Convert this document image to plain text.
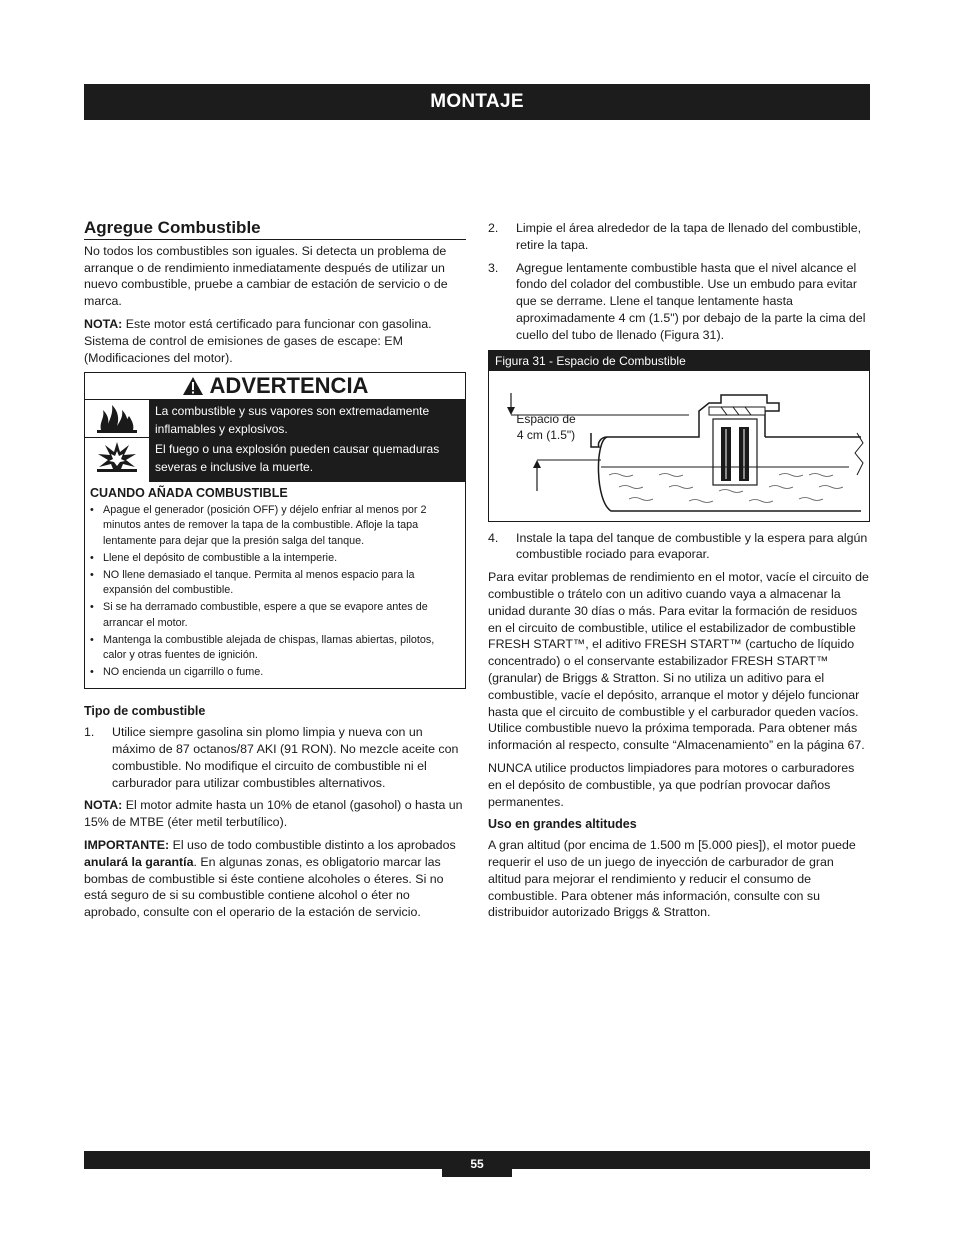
MONTAJE
Agregue Combustible

No todos los combustibles son iguales. Si detecta un problema de arranque o de rendimiento inmediatamente después de utilizar un nuevo combustible, pruebe a cambiar de estación de servicio o de marca.

NOTA: Este motor está certificado para funcionar con gasolina. Sistema de control de emisiones de gases de escape: EM (Modificaciones del motor).

ADVERTENCIA
La combustible y sus vapores son extremadamente inflamables y explosivos.
El fuego o una explosión pueden causar quemaduras severas e inclusive la muerte.
CUANDO AÑADA COMBUSTIBLE
• Apague el generador (posición OFF) y déjelo enfriar al menos por 2 minutos antes de remover la tapa de la combustible. Afloje la tapa lentamente para dejar que la presión salga del tanque.
• Llene el depósito de combustible a la intemperie.
• NO llene demasiado el tanque. Permita al menos espacio para la expansión del combustible.
• Si se ha derramado combustible, espere a que se evapore antes de arrancar el motor.
• Mantenga la combustible alejada de chispas, llamas abiertas, pilotos, calor y otras fuentes de ignición.
• NO encienda un cigarrillo o fume.
Tipo de combustible
1.	Utilice siempre gasolina sin plomo limpia y nueva con un máximo de 87 octanos/87 AKI (91 RON). No mezcle aceite con combustible. No modifique el circuito de combustible ni el carburador para utilizar combustibles alternativos.

NOTA: El motor admite hasta un 10% de etanol (gasohol) o hasta un 15% de MTBE (éter metil terbutílico).

IMPORTANTE: El uso de todo combustible distinto a los aprobados anulará la garantía. En algunas zonas, es obligatorio marcar las bombas de combustible si éste contiene alcoholes o éteres. Si no está seguro de si su combustible contiene alcohol o éter no aprobado, consulte con el operario de la estación de servicio.

2.	Limpie el área alrededor de la tapa de llenado del combustible, retire la tapa.
3.	Agregue lentamente combustible hasta que el nivel alcance el fondo del colador del combustible. Use un embudo para evitar que se derrame. Llene el tanque lentamente hasta aproximadamente 4 cm (1.5") por debajo de la parte la cima del cuello del tubo de llenado (Figura 31).
Figura 31 - Espacio de Combustible
Espacio de
4 cm (1.5")
4.	Instale la tapa del tanque de combustible y la espera para algún combustible rociado para evaporar.

Para evitar problemas de rendimiento en el motor, vacíe el circuito de combustible o trátelo con un aditivo cuando vaya a almacenar la unidad durante 30 días o más. Para evitar la formación de residuos en el circuito de combustible, utilice el estabilizador de combustible FRESH START™, el aditivo FRESH START™ (cartucho de líquido concentrado) o el conservante estabilizador FRESH START™ (granular) de Briggs & Stratton. Si no utiliza un aditivo para el combustible, vacíe el depósito, arranque el motor y déjelo funcionar hasta que el circuito de combustible y el carburador queden vacíos. Utilice combustible nuevo la próxima temporada. Para obtener más información al respecto, consulte “Almacenamiento” en la página 67.

NUNCA utilice productos limpiadores para motores o carburadores en el depósito de combustible, ya que podrían provocar daños permanentes.

Uso en grandes altitudes

A gran altitud (por encima de 1.500 m [5.000 pies]), el motor puede requerir el uso de un juego de inyección de carburador de gran altitud para mejorar el rendimiento y reducir el consumo de combustible. Para obtener más información, consulte con su distribuidor autorizado Briggs & Stratton.

55
